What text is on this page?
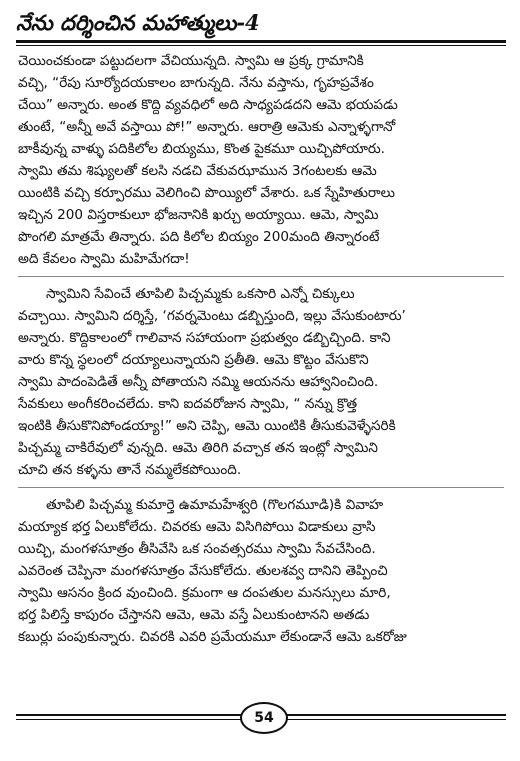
నేను దర్శించిన మహాత్ములు-4
చెయించకుండా పట్టుదలగా వేచియున్నది. స్వామి ఆ ప్రక్క గ్రామానికి
వచ్చి, “రేపు సూర్యోదయకాలం బాగున్నది. నేను వస్తాను, గృహప్రవేశం
చేయి” అన్నారు. అంత కొద్ది వ్యవధిలో అది సాధ్యపడదని ఆమె భయపడు
తుంటే, “అన్నీ అవే వస్తాయి పో!” అన్నారు. ఆరాత్రి ఆమెకు ఎన్నాళ్ళగానో
బాకీవున్న వాళ్ళు పదికిలోల బియ్యము, కొంత పైకమూ యిచ్చిపోయారు.
స్వామి తమ శిష్యులతో కలసి నడచి వేకువఝామున 3గంటలకు ఆమె
యింటికి వచ్చి కర్పూరము వెలిగించి పొయ్యిలో వేశారు. ఒక స్నేహితురాలు
ఇచ్చిన 200 విస్తరాకులూ భోజనానికి ఖర్చు అయ్యాయి. ఆమె, స్వామి
పొంగలి మాత్రమే తిన్నారు. పది కిలోల బియ్యం 200మంది తిన్నారంటే
అది కేవలం స్వామి మహిమేగదా!
స్వామిని సేవించే తూపిలి పిచ్చమ్మకు ఒకసారి ఎన్నో చిక్కులు
వచ్చాయి. స్వామిని దర్శిస్తే, ‘గవర్నమెంటు డబ్బిస్తుంది, ఇల్లు వేసుకుంటారు’
అన్నారు. కొద్దికాలంలో గాలివాన సహాయంగా ప్రభుత్వం డబ్బిచ్చింది. కాని
వారు కొన్న స్థలంలో దయ్యాలున్నాయని ప్రతీతి. ఆమె కొట్టం వేసుకొని
స్వామి పాదంపెడితే అన్నీ పోతాయని నమ్మి ఆయనను ఆహ్వానించింది.
సేవకులు అంగీకరించలేదు. కాని ఐదవరోజున స్వామి, “ నన్ను క్రొత్త
ఇంటికి తీసుకొనిపోండయ్యా!” అని చెప్పి, ఆమె యింటికి తీసుకువెళ్ళేసరికి
పిచ్చమ్మ చాకిరేవులో వున్నది. ఆమె తిరిగి వచ్చాక తన ఇంట్లో స్వామిని
చూచి తన కళ్ళను తానే నమ్మలేకపోయింది.
తూపిలి పిచ్చమ్మ కుమార్తె ఉమామహేశ్వరి (గొలగమూడి)కి వివాహ
మయ్యాక భర్త ఏలుకోలేదు. చివరకు ఆమె విసిగిపోయి విడాకులు వ్రాసి
యిచ్చి, మంగళసూత్రం తీసివేసి ఒక సంవత్సరము స్వామి సేవచేసింది.
ఎవరెంత చెప్పినా మంగళసూత్రం వేసుకోలేదు. తులశవ్వ దానిని తెప్పించి
స్వామి ఆసనం క్రింద వుంచింది. క్రమంగా ఆ దంపతుల మనస్సులు మారి,
భర్త పిలిస్తే కాపురం చేస్తానని ఆమె, ఆమె వస్తే ఏలుకుంటానని అతడు
కబుర్లు పంపుకున్నారు. చివరకి ఎవరి ప్రమేయమూ లేకుండానే ఆమె ఒకరోజు
54
